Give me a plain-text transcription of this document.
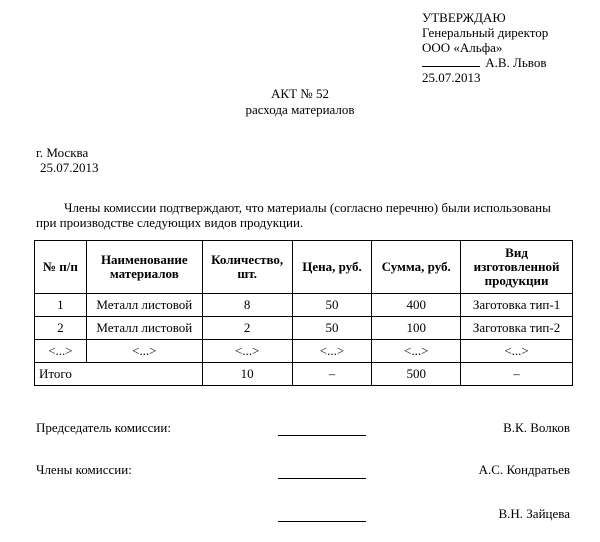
УТВЕРЖДАЮ
Генеральный директор
ООО «Альфа»
А.В. Львов
25.07.2013
АКТ № 52
расхода материалов
г. Москва
25.07.2013
Члены комиссии подтверждают, что материалы (согласно перечню) были использованы при производстве следующих видов продукции.
№ п/п	Наименование материалов	Количество, шт.	Цена, руб.	Сумма, руб.	Вид изготовленной продукции
1	Металл листовой	8	50	400	Заготовка тип-1
2	Металл листовой	2	50	100	Заготовка тип-2
<...>	<...>	<...>	<...>	<...>	<...>
Итого		10	–	500	–
Председатель комиссии:	В.К. Волков
Члены комиссии:	А.С. Кондратьев
В.Н. Зайцева
